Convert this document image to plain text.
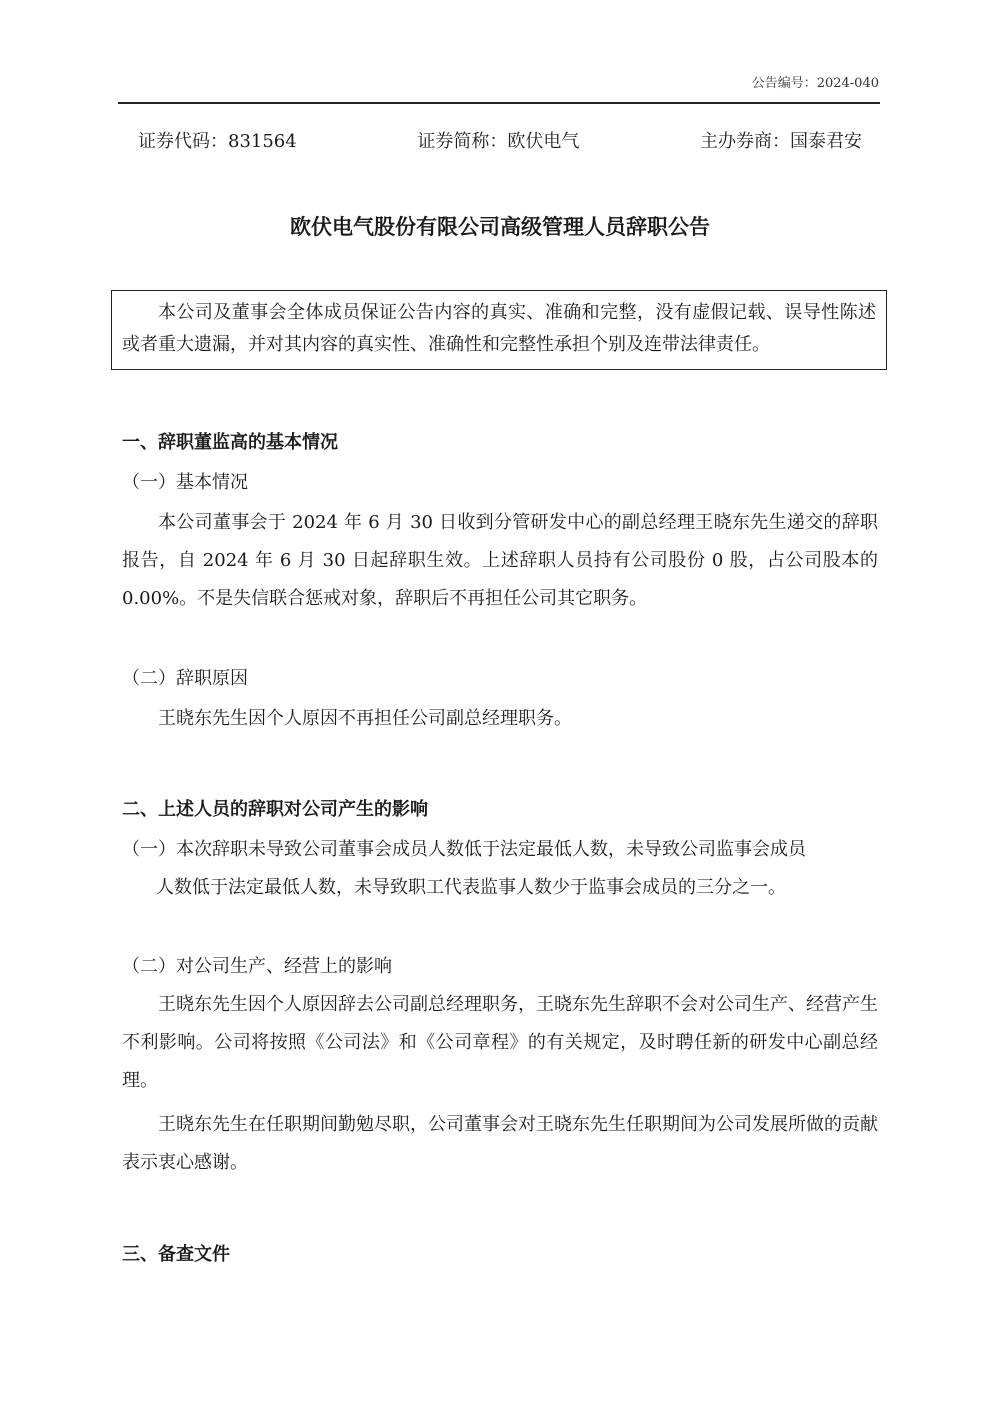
公告编号：2024-040
证券代码：831564	证券简称：欧伏电气	主办券商：国泰君安
欧伏电气股份有限公司高级管理人员辞职公告

本公司及董事会全体成员保证公告内容的真实、准确和完整，没有虚假记载、误导性陈述或者重大遗漏，并对其内容的真实性、准确性和完整性承担个别及连带法律责任。

一、辞职董监高的基本情况
（一）基本情况

本公司董事会于 2024 年 6 月 30 日收到分管研发中心的副总经理王晓东先生递交的辞职报告，自 2024 年 6 月 30 日起辞职生效。上述辞职人员持有公司股份 0 股，占公司股本的 0.00%。不是失信联合惩戒对象，辞职后不再担任公司其它职务。

（二）辞职原因

王晓东先生因个人原因不再担任公司副总经理职务。

二、上述人员的辞职对公司产生的影响
（一）本次辞职未导致公司董事会成员人数低于法定最低人数，未导致公司监事会成员
人数低于法定最低人数，未导致职工代表监事人数少于监事会成员的三分之一。
（二）对公司生产、经营上的影响

王晓东先生因个人原因辞去公司副总经理职务，王晓东先生辞职不会对公司生产、经营产生不利影响。公司将按照《公司法》和《公司章程》的有关规定，及时聘任新的研发中心副总经理。

王晓东先生在任职期间勤勉尽职，公司董事会对王晓东先生任职期间为公司发展所做的贡献表示衷心感谢。

三、备查文件
